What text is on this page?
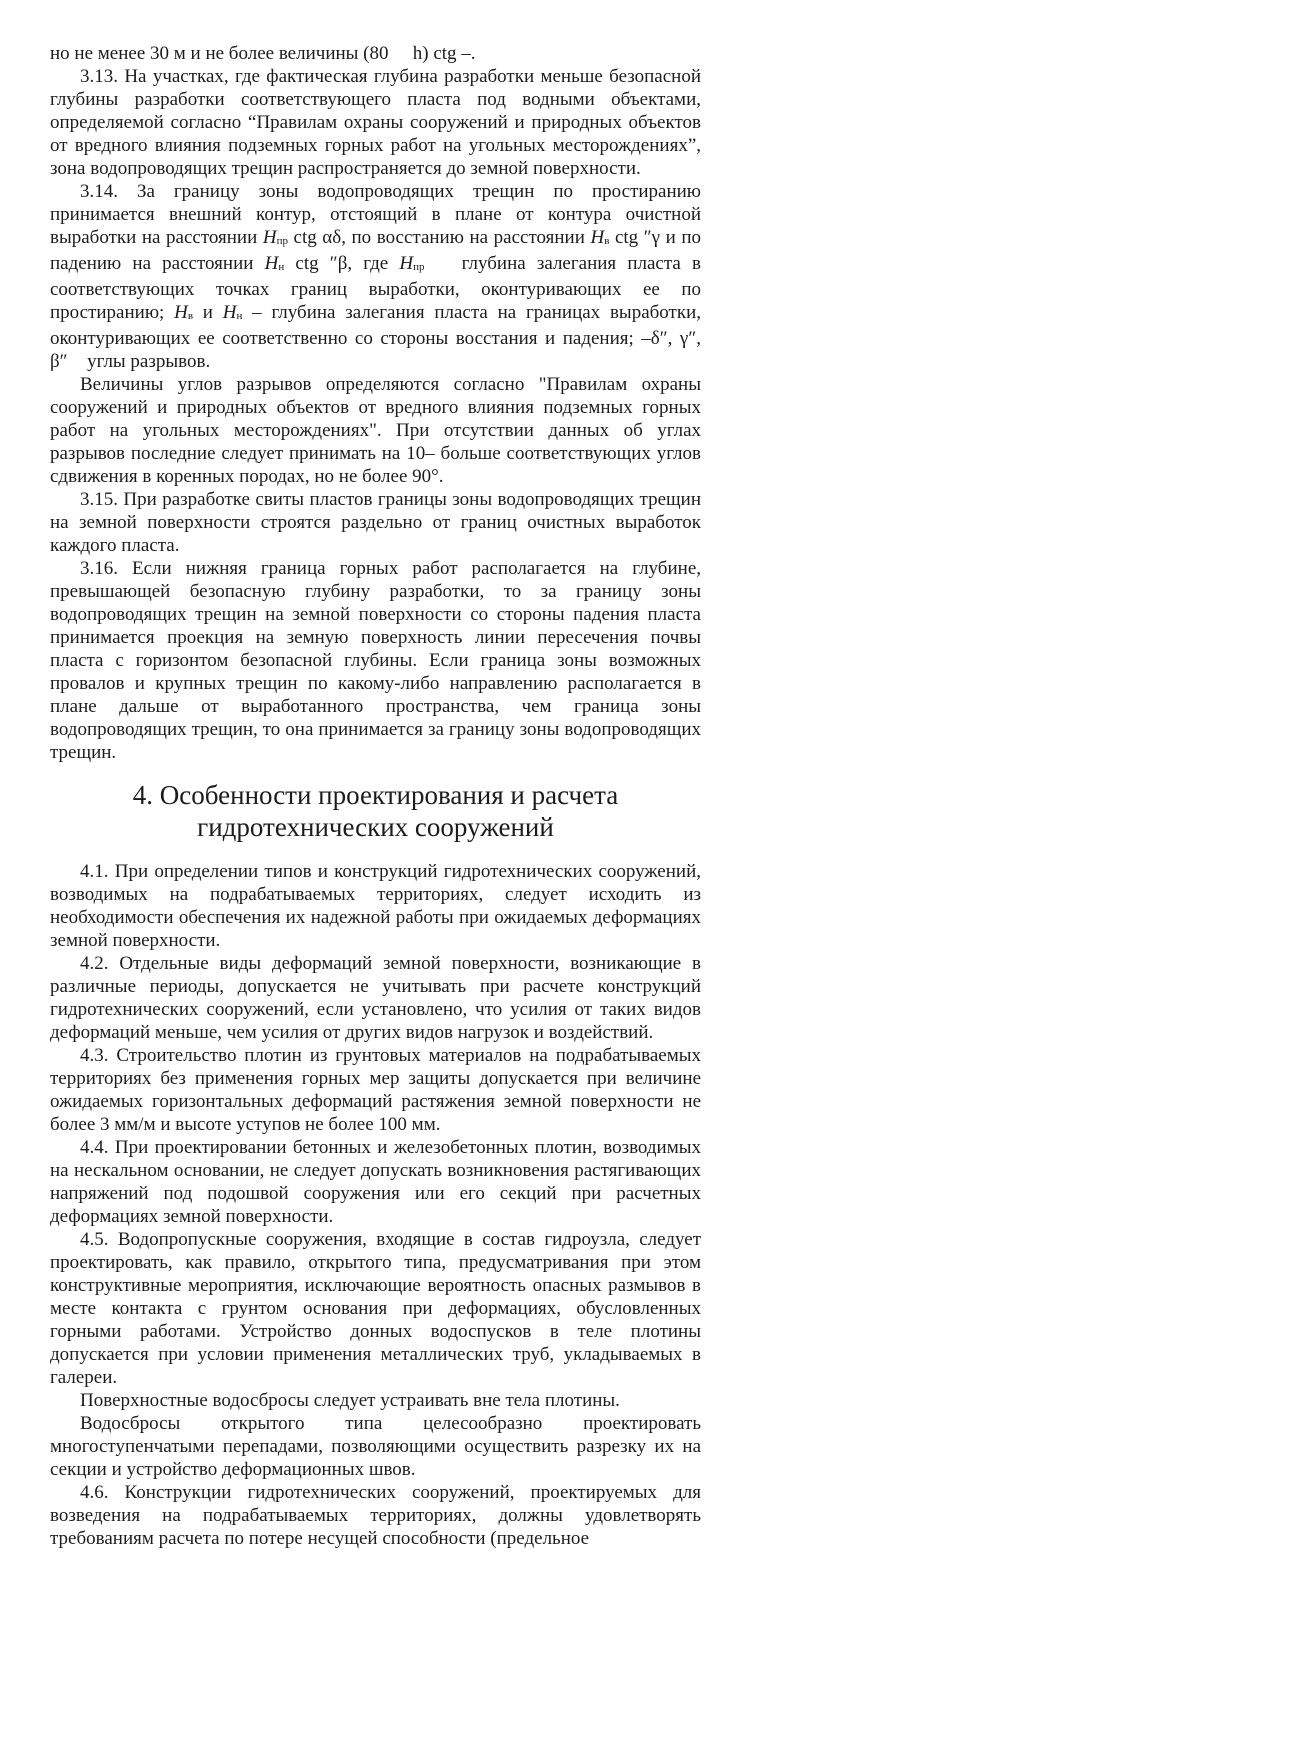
но не менее 30 м и не более величины (80 h) ctg –.

3.13. На участках, где фактическая глубина разработки меньше безопасной глубины разработки соответствующего пласта под водными объектами, определяемой согласно “Правилам охраны сооружений и природных объектов от вредного влияния подземных горных работ на угольных месторождениях”, зона водопроводящих трещин распространяется до земной поверхности.

3.14. За границу зоны водопроводящих трещин по простиранию принимается внешний контур, отстоящий в плане от контура очистной выработки на расстоянии Hпр ctg αδ, по восстанию на расстоянии Hв ctg ″γ и по падению на расстоянии Hн ctg ″β, где Hпр глубина залегания пласта в соответствующих точках границ выработки, оконтуривающих ее по простиранию; Hв и Hн – глубина залегания пласта на границах выработки, оконтуривающих ее соответственно со стороны восстания и падения; –δ″, γ″, β″ углы разрывов.

Величины углов разрывов определяются согласно "Правилам охраны сооружений и природных объектов от вредного влияния подземных горных работ на угольных месторождениях". При отсутствии данных об углах разрывов последние следует принимать на 10– больше соответствующих углов сдвижения в коренных породах, но не более 90°.

3.15. При разработке свиты пластов границы зоны водопроводящих трещин на земной поверхности строятся раздельно от границ очистных выработок каждого пласта.

3.16. Если нижняя граница горных работ располагается на глубине, превышающей безопасную глубину разработки, то за границу зоны водопроводящих трещин на земной поверхности со стороны падения пласта принимается проекция на земную поверхность линии пересечения почвы пласта с горизонтом безопасной глубины. Если граница зоны возможных провалов и крупных трещин по какому-либо направлению располагается в плане дальше от выработанного пространства, чем граница зоны водопроводящих трещин, то она принимается за границу зоны водопроводящих трещин.

4. Особенности проектирования и расчета
гидротехнических сооружений

4.1. При определении типов и конструкций гидротехнических сооружений, возводимых на подрабатываемых территориях, следует исходить из необходимости обеспечения их надежной работы при ожидаемых деформациях земной поверхности.

4.2. Отдельные виды деформаций земной поверхности, возникающие в различные периоды, допускается не учитывать при расчете конструкций гидротехнических сооружений, если установлено, что усилия от таких видов деформаций меньше, чем усилия от других видов нагрузок и воздействий.

4.3. Строительство плотин из грунтовых материалов на подрабатываемых территориях без применения горных мер защиты допускается при величине ожидаемых горизонтальных деформаций растяжения земной поверхности не более 3 мм/м и высоте уступов не более 100 мм.

4.4. При проектировании бетонных и железобетонных плотин, возводимых на нескальном основании, не следует допускать возникновения растягивающих напряжений под подошвой сооружения или его секций при расчетных деформациях земной поверхности.

4.5. Водопропускные сооружения, входящие в состав гидроузла, следует проектировать, как правило, открытого типа, предусматривания при этом конструктивные мероприятия, исключающие вероятность опасных размывов в месте контакта с грунтом основания при деформациях, обусловленных горными работами. Устройство донных водоспусков в теле плотины допускается при условии применения металлических труб, укладываемых в галереи.

Поверхностные водосбросы следует устраивать вне тела плотины.

Водосбросы открытого типа целесообразно проектировать многоступенчатыми перепадами, позволяющими осуществить разрезку их на секции и устройство деформационных швов.

4.6. Конструкции гидротехнических сооружений, проектируемых для возведения на подрабатываемых территориях, должны удовлетворять требованиям расчета по потере несущей способности (предельное
